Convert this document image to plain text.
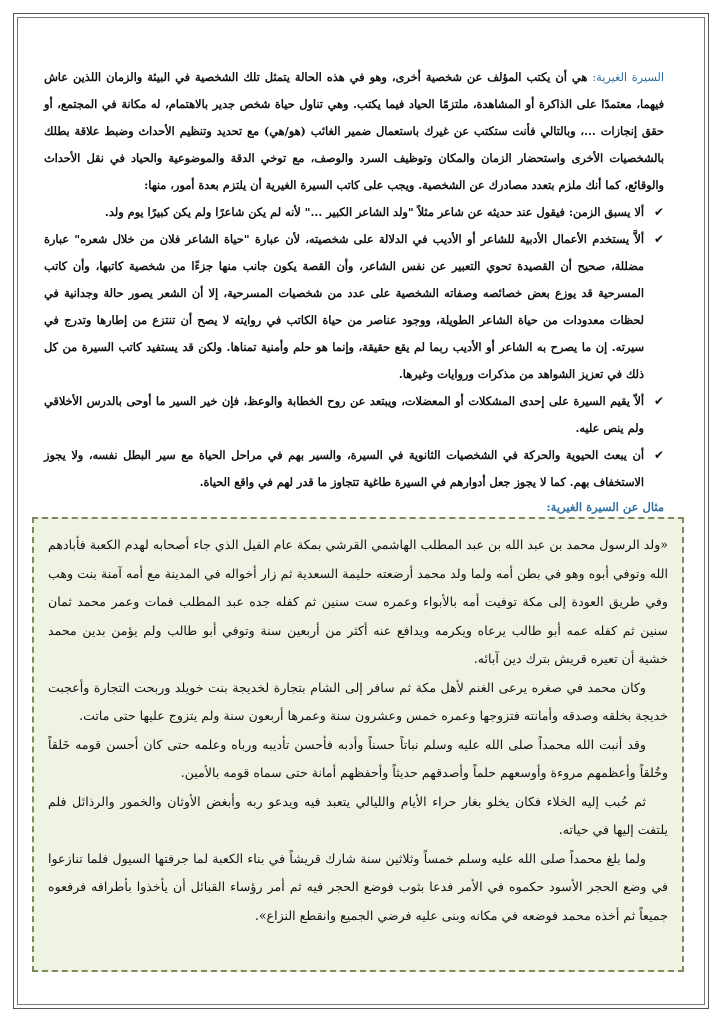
السيرة الغيرية: هي أن يكتب المؤلف عن شخصية أخرى، وهو في هذه الحالة يتمثل تلك الشخصية في البيئة والزمان اللذين عاش فيهما، معتمدًا على الذاكرة أو المشاهدة، ملتزمًا الحياد فيما يكتب. وهي تناول حياة شخص جدير بالاهتمام، له مكانة في المجتمع، أو حقق إنجازات ...، وبالتالي فأنت ستكتب عن غيرك باستعمال ضمير الغائب (هو/هي) مع تحديد وتنظيم الأحداث وضبط علاقة بطلك بالشخصيات الأخرى واستحضار الزمان والمكان وتوظيف السرد والوصف، مع توخي الدقة والموضوعية والحياد في نقل الأحداث والوقائع، كما أنك ملزم بتعدد مصادرك عن الشخصية. ويجب على كاتب السيرة الغيرية أن يلتزم بعدة أمور، منها:

✔
ألا يسبق الزمن: فيقول عند حديثه عن شاعر مثلاً "ولد الشاعر الكبير ..." لأنه لم يكن شاعرًا ولم يكن كبيرًا يوم ولد.
✔
ألاَّ يستخدم الأعمال الأدبية للشاعر أو الأديب في الدلالة على شخصيته، لأن عبارة "حياة الشاعر فلان من خلال شعره" عبارة مضللة، صحيح أن القصيدة تحوي التعبير عن نفس الشاعر، وأن القصة يكون جانب منها جزءًا من شخصية كاتبها، وأن كاتب المسرحية قد يوزع بعض خصائصه وصفاته الشخصية على عدد من شخصيات المسرحية، إلا أن الشعر يصور حالة وجدانية في لحظات معدودات من حياة الشاعر الطويلة، ووجود عناصر من حياة الكاتب في روايته لا يصح أن تنتزع من إطارها وتدرج في سيرته. إن ما يصرح به الشاعر أو الأديب ربما لم يقع حقيقة، وإنما هو حلم وأمنية تمناها. ولكن قد يستفيد كاتب السيرة من كل ذلك في تعزيز الشواهد من مذكرات وروايات وغيرها.
✔
ألاّ يقيم السيرة على إحدى المشكلات أو المعضلات، ويبتعد عن روح الخطابة والوعظ، فإن خير السير ما أوحى بالدرس الأخلاقي ولم ينص عليه.
✔
أن يبعث الحيوية والحركة في الشخصيات الثانوية في السيرة، والسير بهم في مراحل الحياة مع سير البطل نفسه، ولا يجوز الاستخفاف بهم. كما لا يجوز جعل أدوارهم في السيرة طاغية تتجاوز ما قدر لهم في واقع الحياة.

مثال عن السيرة الغيرية:

«ولد الرسول محمد بن عبد الله بن عبد المطلب الهاشمي القرشي بمكة عام الفيل الذي جاء أصحابه لهدم الكعبة فأبادهم الله وتوفي أبوه وهو في بطن أمه ولما ولد محمد أرضعته حليمة السعدية ثم زار أخواله في المدينة مع أمه آمنة بنت وهب وفي طريق العودة إلى مكة توفيت أمه بالأبواء وعمره ست سنين ثم كفله جده عبد المطلب فمات وعمر محمد ثمان سنين ثم كفله عمه أبو طالب يرعاه ويكرمه ويدافع عنه أكثر من أربعين سنة وتوفي أبو طالب ولم يؤمن بدين محمد خشية أن تعيره قريش بترك دين آبائه.

وكان محمد في صغره يرعى الغنم لأهل مكة ثم سافر إلى الشام بتجارة لخديجة بنت خويلد وربحت التجارة وأعجبت خديجة بخلقه وصدقه وأمانته فتزوجها وعمره خمس وعشرون سنة وعمرها أربعون سنة ولم يتزوج عليها حتى ماتت.

وقد أنبت الله محمداً صلى الله عليه وسلم نباتاً حسناً وأدبه فأحسن تأديبه ورباه وعلمه حتى كان أحسن قومه خَلقاً وخُلقاً وأعظمهم مروءة وأوسعهم حلماً وأصدقهم حديثاً وأحفظهم أمانة حتى سماه قومه بالأمين.

ثم حُبب إليه الخلاء فكان يخلو بغار حراء الأيام والليالي يتعبد فيه ويدعو ربه وأبغض الأوثان والخمور والرذائل فلم يلتفت إليها في حياته.

ولما بلغ محمداً صلى الله عليه وسلم خمساً وثلاثين سنة شارك قريشاً في بناء الكعبة لما جرفتها السيول فلما تنازعوا في وضع الحجر الأسود حكموه في الأمر فدعا بثوب فوضع الحجر فيه ثم أمر رؤساء القبائل أن يأخذوا بأطرافه فرفعوه جميعاً ثم أخذه محمد فوضعه في مكانه وبنى عليه فرضي الجميع وانقطع النزاع».
